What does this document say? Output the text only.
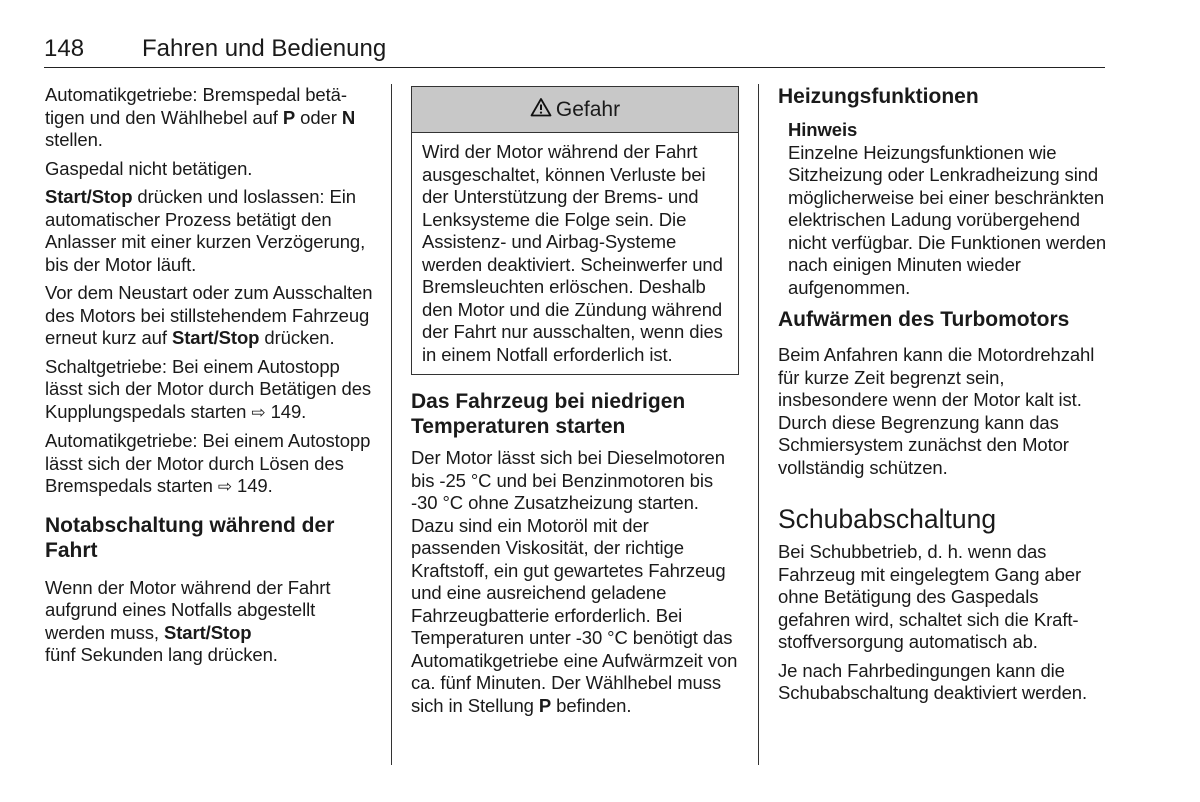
148 Fahren und Bedienung

Automatikgetriebe: Bremspedal betätigen und den Wählhebel auf P oder N stellen.

Gaspedal nicht betätigen.

Start/Stop drücken und loslassen: Ein automatischer Prozess betätigt den Anlasser mit einer kurzen Verzögerung, bis der Motor läuft.

Vor dem Neustart oder zum Ausschalten des Motors bei stillstehendem Fahrzeug erneut kurz auf Start/Stop drücken.

Schaltgetriebe: Bei einem Autostopp lässt sich der Motor durch Betätigen des Kupplungspedals starten ⇨ 149.

Automatikgetriebe: Bei einem Autostopp lässt sich der Motor durch Lösen des Bremspedals starten ⇨ 149.

Notabschaltung während der Fahrt

Wenn der Motor während der Fahrt aufgrund eines Notfalls abgestellt werden muss, Start/Stop
fünf Sekunden lang drücken.

Gefahr

Wird der Motor während der Fahrt ausgeschaltet, können Verluste bei der Unterstützung der Brems- und Lenksysteme die Folge sein. Die Assistenz- und Airbag-Systeme werden deaktiviert. Scheinwerfer und Bremsleuchten erlöschen. Deshalb den Motor und die Zündung während der Fahrt nur ausschalten, wenn dies in einem Notfall erforderlich ist.

Das Fahrzeug bei niedrigen Temperaturen starten

Der Motor lässt sich bei Dieselmotoren bis -25 °C und bei Benzinmotoren bis -30 °C ohne Zusatzheizung starten. Dazu sind ein Motoröl mit der passenden Viskosität, der richtige Kraftstoff, ein gut gewartetes Fahrzeug und eine ausreichend geladene Fahrzeugbatterie erforderlich. Bei Temperaturen unter -30 °C benötigt das Automatikgetriebe eine Aufwärmzeit von ca. fünf Minuten. Der Wählhebel muss sich in Stellung P befinden.

Heizungsfunktionen

Hinweis

Einzelne Heizungsfunktionen wie Sitzheizung oder Lenkradheizung sind möglicherweise bei einer beschränkten elektrischen Ladung vorübergehend nicht verfügbar. Die Funktionen werden nach einigen Minuten wieder aufgenommen.

Aufwärmen des Turbomotors

Beim Anfahren kann die Motordrehzahl für kurze Zeit begrenzt sein, insbesondere wenn der Motor kalt ist. Durch diese Begrenzung kann das Schmiersystem zunächst den Motor vollständig schützen.

Schubabschaltung

Bei Schubbetrieb, d. h. wenn das Fahrzeug mit eingelegtem Gang aber ohne Betätigung des Gaspedals gefahren wird, schaltet sich die Kraftstoffversorgung automatisch ab.

Je nach Fahrbedingungen kann die Schubabschaltung deaktiviert werden.
